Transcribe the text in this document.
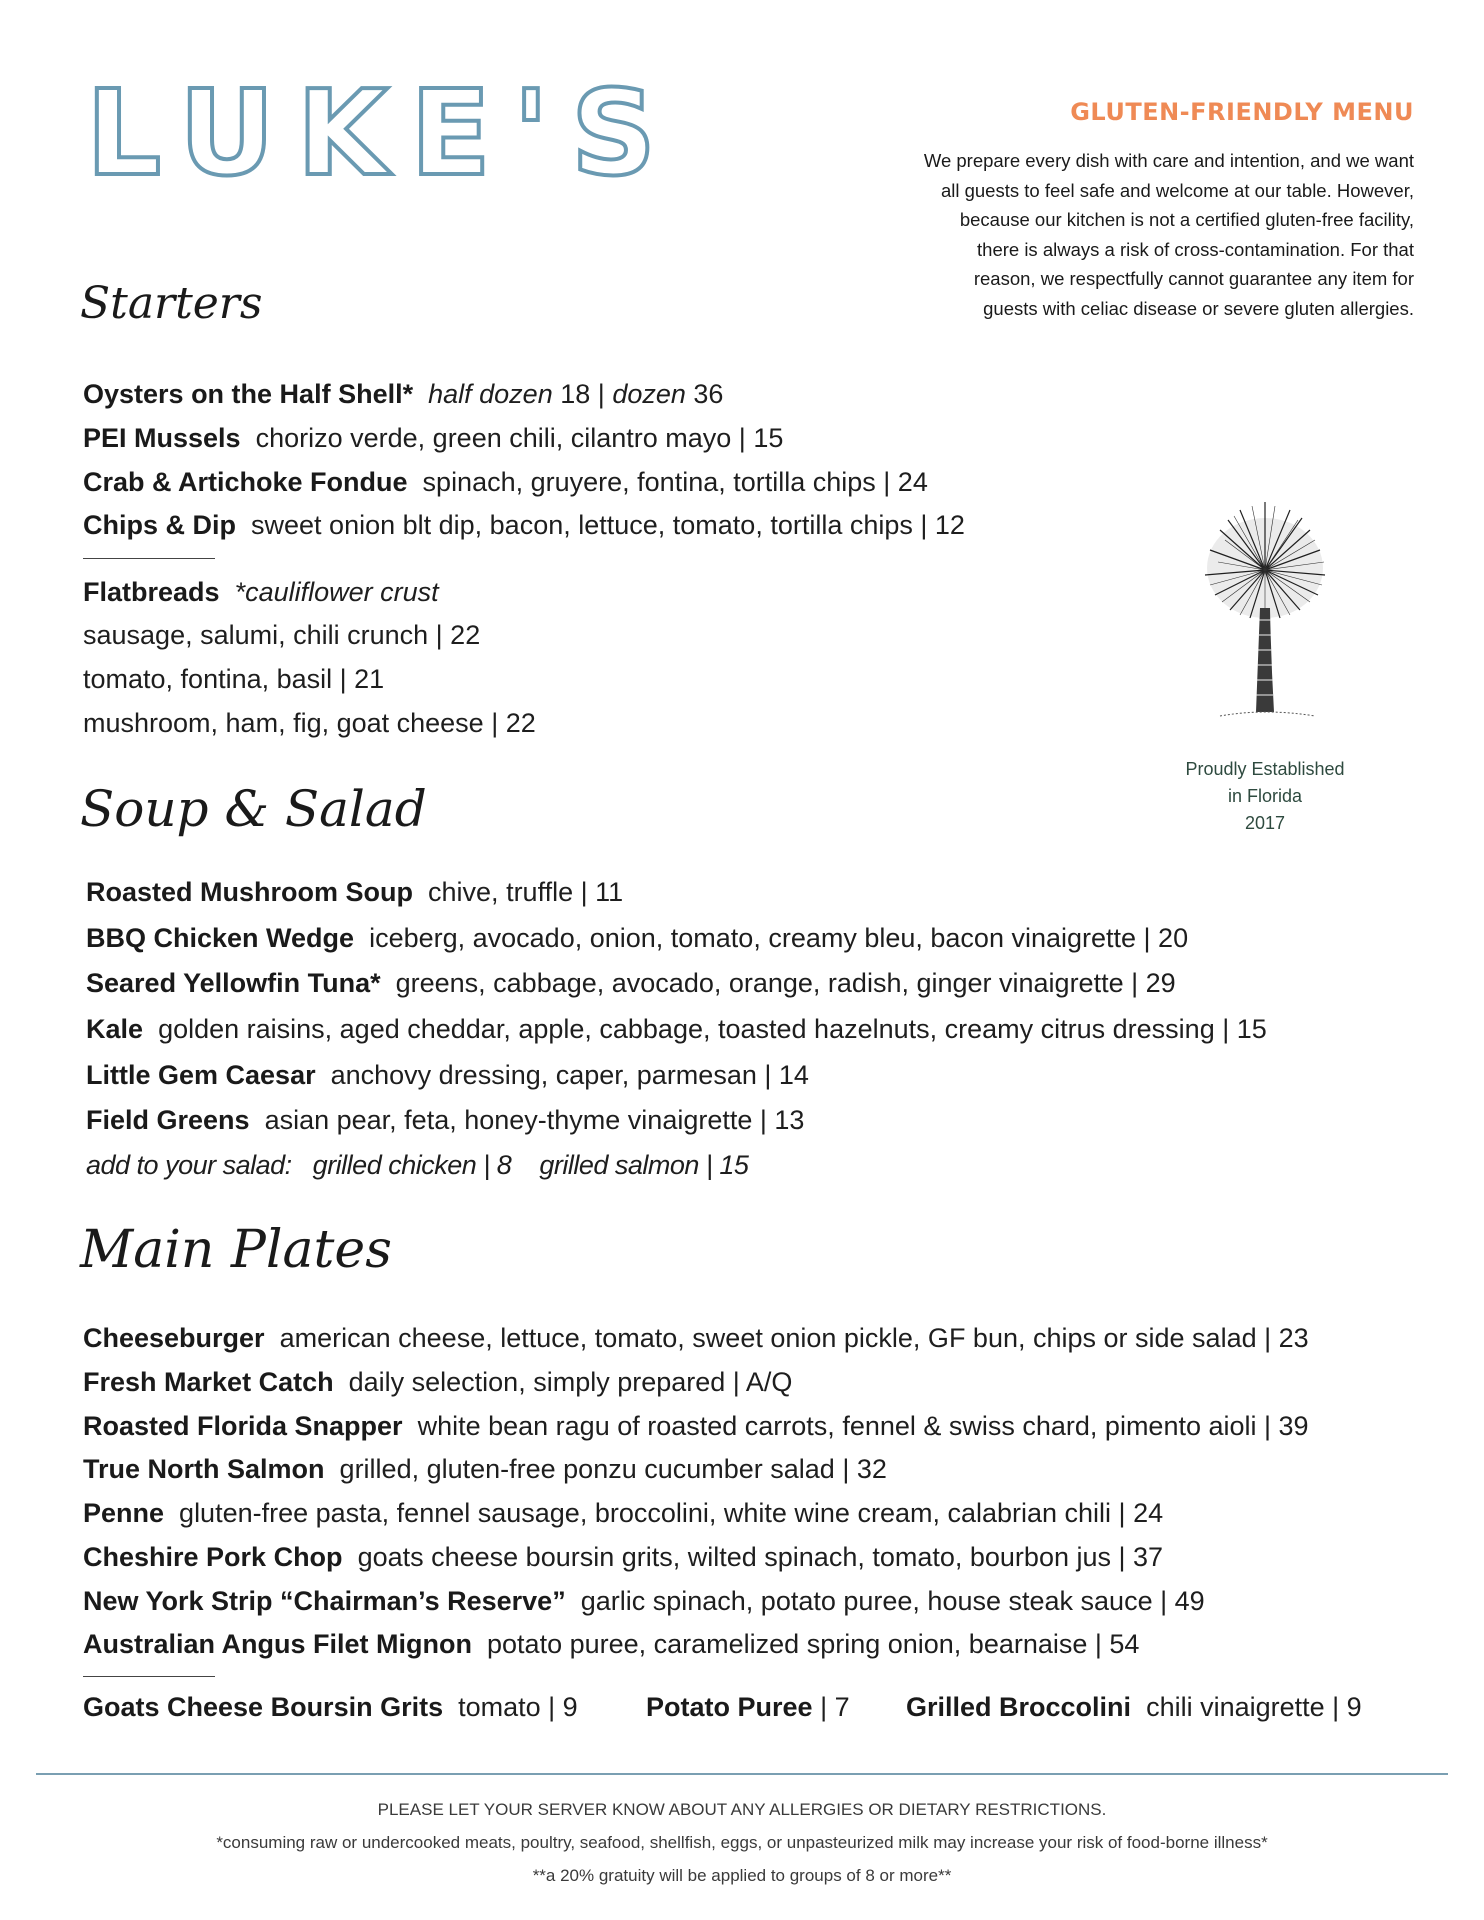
LUKE'S	GLUTEN-FRIENDLY MENU
We prepare every dish with care and intention, and we want
all guests to feel safe and welcome at our table. However,
because our kitchen is not a certified gluten-free facility,
there is always a risk of cross-contamination. For that
reason, we respectfully cannot guarantee any item for
guests with celiac disease or severe gluten allergies.
Starters
Oysters on the Half Shell* half dozen 18 | dozen 36
PEI Mussels chorizo verde, green chili, cilantro mayo | 15
Crab & Artichoke Fondue spinach, gruyere, fontina, tortilla chips | 24
Chips & Dip sweet onion blt dip, bacon, lettuce, tomato, tortilla chips | 12
Flatbreads *cauliflower crust
sausage, salumi, chili crunch | 22
tomato, fontina, basil | 21
mushroom, ham, fig, goat cheese | 22
Proudly Established
in Florida
2017
Soup & Salad
Roasted Mushroom Soup chive, truffle | 11
BBQ Chicken Wedge iceberg, avocado, onion, tomato, creamy bleu, bacon vinaigrette | 20
Seared Yellowfin Tuna* greens, cabbage, avocado, orange, radish, ginger vinaigrette | 29
Kale golden raisins, aged cheddar, apple, cabbage, toasted hazelnuts, creamy citrus dressing | 15
Little Gem Caesar anchovy dressing, caper, parmesan | 14
Field Greens asian pear, feta, honey-thyme vinaigrette | 13
add to your salad: grilled chicken | 8 grilled salmon | 15
Main Plates
Cheeseburger american cheese, lettuce, tomato, sweet onion pickle, GF bun, chips or side salad | 23
Fresh Market Catch daily selection, simply prepared | A/Q
Roasted Florida Snapper white bean ragu of roasted carrots, fennel & swiss chard, pimento aioli | 39
True North Salmon grilled, gluten-free ponzu cucumber salad | 32
Penne gluten-free pasta, fennel sausage, broccolini, white wine cream, calabrian chili | 24
Cheshire Pork Chop goats cheese boursin grits, wilted spinach, tomato, bourbon jus | 37
New York Strip “Chairman’s Reserve” garlic spinach, potato puree, house steak sauce | 49
Australian Angus Filet Mignon potato puree, caramelized spring onion, bearnaise | 54
Goats Cheese Boursin Grits tomato | 9	Potato Puree | 7 Grilled Broccolini chili vinaigrette | 9
PLEASE LET YOUR SERVER KNOW ABOUT ANY ALLERGIES OR DIETARY RESTRICTIONS.
*consuming raw or undercooked meats, poultry, seafood, shellfish, eggs, or unpasteurized milk may increase your risk of food-borne illness*
**a 20% gratuity will be applied to groups of 8 or more**
